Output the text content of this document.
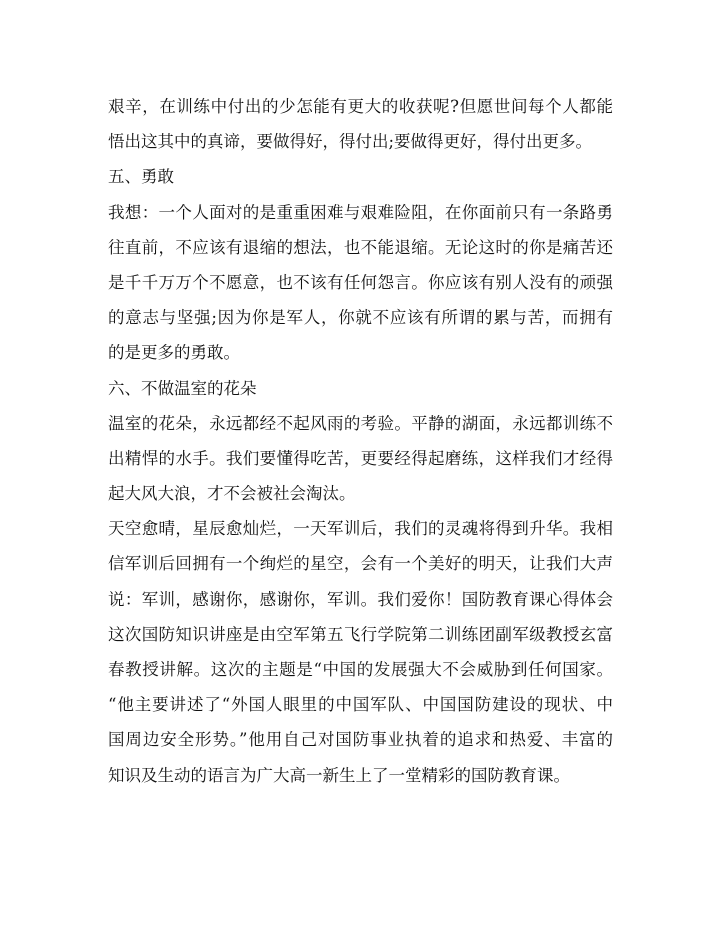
艰辛，在训练中付出的少怎能有更大的收获呢?但愿世间每个人都能
悟出这其中的真谛，要做得好，得付出;要做得更好，得付出更多。
五、勇敢
我想：一个人面对的是重重困难与艰难险阻，在你面前只有一条路勇
往直前，不应该有退缩的想法，也不能退缩。无论这时的你是痛苦还
是千千万万个不愿意，也不该有任何怨言。你应该有别人没有的顽强
的意志与坚强;因为你是军人，你就不应该有所谓的累与苦，而拥有
的是更多的勇敢。
六、不做温室的花朵
温室的花朵，永远都经不起风雨的考验。平静的湖面，永远都训练不
出精悍的水手。我们要懂得吃苦，更要经得起磨练，这样我们才经得
起大风大浪，才不会被社会淘汰。
天空愈晴，星辰愈灿烂，一天军训后，我们的灵魂将得到升华。我相
信军训后回拥有一个绚烂的星空，会有一个美好的明天，让我们大声
说：军训，感谢你，感谢你，军训。我们爱你！国防教育课心得体会
这次国防知识讲座是由空军第五飞行学院第二训练团副军级教授玄富
春教授讲解。这次的主题是“中国的发展强大不会威胁到任何国家。
“他主要讲述了“外国人眼里的中国军队、中国国防建设的现状、中
国周边安全形势。”他用自己对国防事业执着的追求和热爱、丰富的
知识及生动的语言为广大高一新生上了一堂精彩的国防教育课。
